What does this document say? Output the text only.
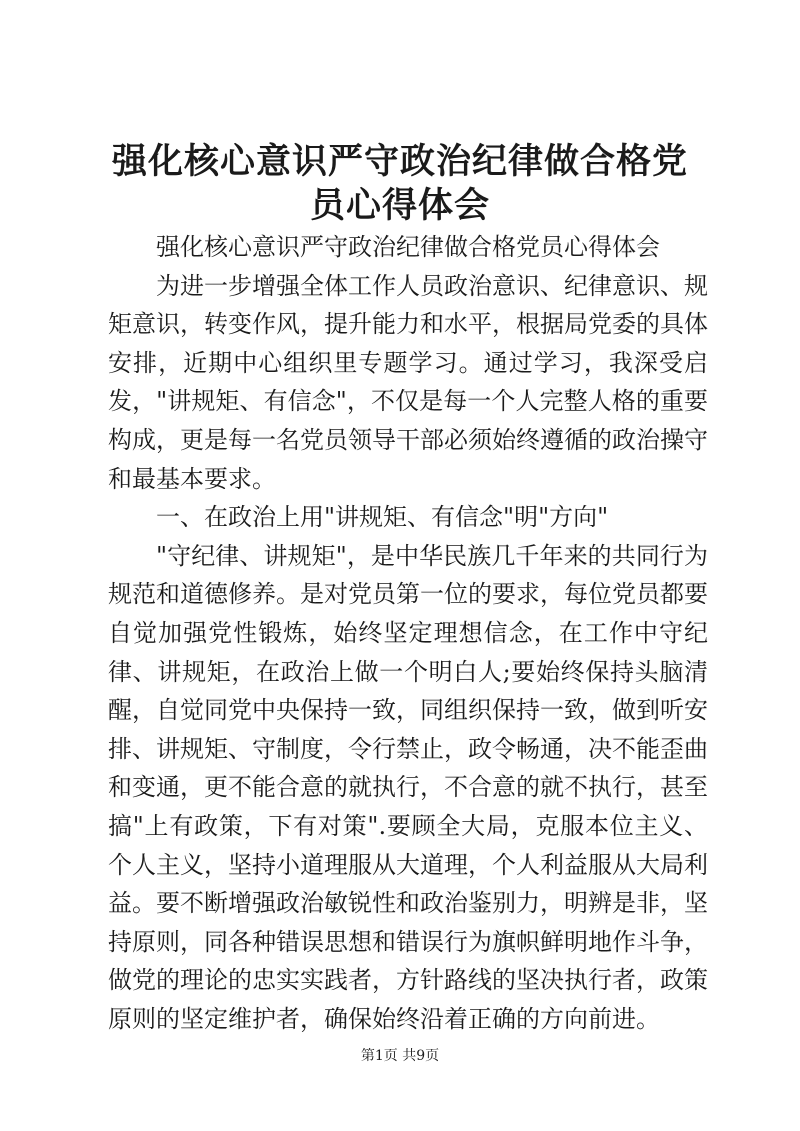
强化核心意识严守政治纪律做合格党员心得体会

强化核心意识严守政治纪律做合格党员心得体会

为进一步增强全体工作人员政治意识、纪律意识、规矩意识，转变作风，提升能力和水平，根据局党委的具体安排，近期中心组织里专题学习。通过学习，我深受启发，"讲规矩、有信念"，不仅是每一个人完整人格的重要构成，更是每一名党员领导干部必须始终遵循的政治操守和最基本要求。

一、在政治上用"讲规矩、有信念"明"方向"

"守纪律、讲规矩"，是中华民族几千年来的共同行为规范和道德修养。是对党员第一位的要求，每位党员都要自觉加强党性锻炼，始终坚定理想信念，在工作中守纪律、讲规矩，在政治上做一个明白人;要始终保持头脑清醒，自觉同党中央保持一致，同组织保持一致，做到听安排、讲规矩、守制度，令行禁止，政令畅通，决不能歪曲和变通，更不能合意的就执行，不合意的就不执行，甚至搞"上有政策，下有对策".要顾全大局，克服本位主义、个人主义，坚持小道理服从大道理，个人利益服从大局利益。要不断增强政治敏锐性和政治鉴别力，明辨是非，坚持原则，同各种错误思想和错误行为旗帜鲜明地作斗争，做党的理论的忠实实践者，方针路线的坚决执行者，政策原则的坚定维护者，确保始终沿着正确的方向前进。

第1页 共9页
